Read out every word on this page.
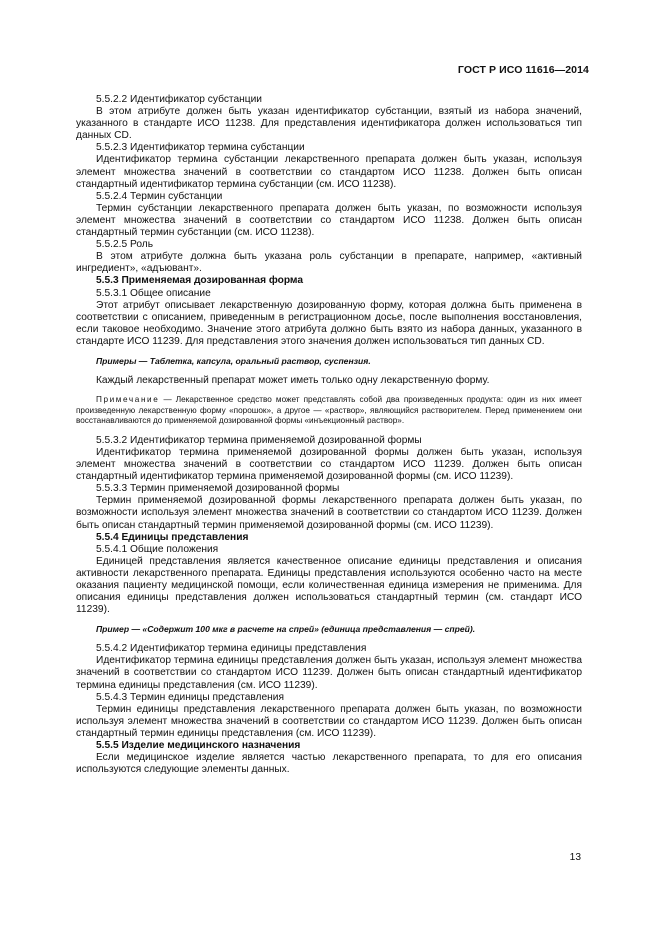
ГОСТ Р ИСО 11616—2014

5.5.2.2 Идентификатор субстанции

В этом атрибуте должен быть указан идентификатор субстанции, взятый из набора значений, указанного в стандарте ИСО 11238. Для представления идентификатора должен использоваться тип данных CD.

5.5.2.3 Идентификатор термина субстанции

Идентификатор термина субстанции лекарственного препарата должен быть указан, используя элемент множества значений в соответствии со стандартом ИСО 11238. Должен быть описан стандартный идентификатор термина субстанции (см. ИСО 11238).

5.5.2.4 Термин субстанции

Термин субстанции лекарственного препарата должен быть указан, по возможности используя элемент множества значений в соответствии со стандартом ИСО 11238. Должен быть описан стандартный термин субстанции (см. ИСО 11238).

5.5.2.5 Роль

В этом атрибуте должна быть указана роль субстанции в препарате, например, «активный ингредиент», «адъювант».

5.5.3 Применяемая дозированная форма

5.5.3.1 Общее описание

Этот атрибут описывает лекарственную дозированную форму, которая должна быть применена в соответствии с описанием, приведенным в регистрационном досье, после выполнения восстановления, если таковое необходимо. Значение этого атрибута должно быть взято из набора данных, указанного в стандарте ИСО 11239. Для представления этого значения должен использоваться тип данных CD.

Примеры — Таблетка, капсула, оральный раствор, суспензия.

Каждый лекарственный препарат может иметь только одну лекарственную форму.

Примечание — Лекарственное средство может представлять собой два произведенных продукта: один из них имеет произведенную лекарственную форму «порошок», а другое — «раствор», являющийся растворителем. Перед применением они восстанавливаются до применяемой дозированной формы «инъекционный раствор».

5.5.3.2 Идентификатор термина применяемой дозированной формы

Идентификатор термина применяемой дозированной формы должен быть указан, используя элемент множества значений в соответствии со стандартом ИСО 11239. Должен быть описан стандартный идентификатор термина применяемой дозированной формы (см. ИСО 11239).

5.5.3.3 Термин применяемой дозированной формы

Термин применяемой дозированной формы лекарственного препарата должен быть указан, по возможности используя элемент множества значений в соответствии со стандартом ИСО 11239. Должен быть описан стандартный термин применяемой дозированной формы (см. ИСО 11239).

5.5.4 Единицы представления

5.5.4.1 Общие положения

Единицей представления является качественное описание единицы представления и описания активности лекарственного препарата. Единицы представления используются особенно часто на месте оказания пациенту медицинской помощи, если количественная единица измерения не применима. Для описания единицы представления должен использоваться стандартный термин (см. стандарт ИСО 11239).

Пример — «Содержит 100 мкг в расчете на спрей» (единица представления — спрей).

5.5.4.2 Идентификатор термина единицы представления

Идентификатор термина единицы представления должен быть указан, используя элемент множества значений в соответствии со стандартом ИСО 11239. Должен быть описан стандартный идентификатор термина единицы представления (см. ИСО 11239).

5.5.4.3 Термин единицы представления

Термин единицы представления лекарственного препарата должен быть указан, по возможности используя элемент множества значений в соответствии со стандартом ИСО 11239. Должен быть описан стандартный термин единицы представления (см. ИСО 11239).

5.5.5 Изделие медицинского назначения

Если медицинское изделие является частью лекарственного препарата, то для его описания используются следующие элементы данных.

13
